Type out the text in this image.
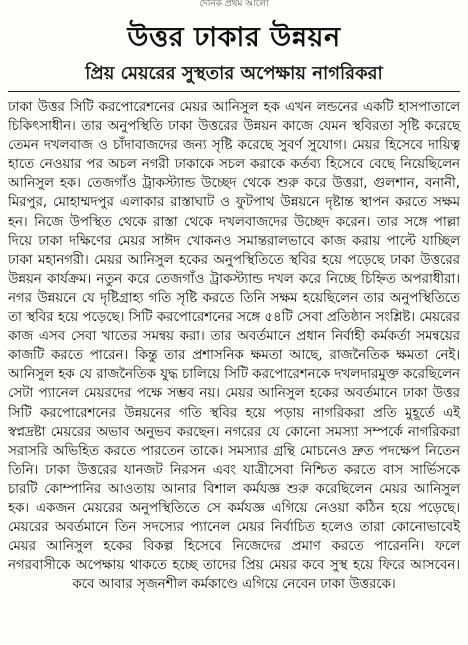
দৈনিক প্রথম আলো
উত্তর ঢাকার উন্নয়ন
প্রিয় মেয়রের সুস্থতার অপেক্ষায় নাগরিকরা

ঢাকা উত্তর সিটি করপোরেশনের মেয়র আনিসুল হক এখন লন্ডনের একটি হাসপাতালে চিকিৎসাধীন। তার অনুপস্থিতি ঢাকা উত্তরের উন্নয়ন কাজে যেমন স্থবিরতা সৃষ্টি করেছে তেমন দখলবাজ ও চাঁদাবাজদের জন্য সৃষ্টি করেছে সুবর্ণ সুযোগ। মেয়র হিসেবে দায়িত্ব হাতে নেওয়ার পর অচল নগরী ঢাকাকে সচল করাকে কর্তব্য হিসেবে বেছে নিয়েছিলেন আনিসুল হক। তেজগাঁও ট্রাকস্ট্যান্ড উচ্ছেদ থেকে শুরু করে উত্তরা, গুলশান, বনানী, মিরপুর, মোহাম্মদপুর এলাকার রাস্তাঘাট ও ফুটপাথ উন্নয়নে দৃষ্টান্ত স্থাপন করতে সক্ষম হন। নিজে উপস্থিত থেকে রাস্তা থেকে দখলবাজদের উচ্ছেদ করেন। তার সঙ্গে পাল্লা দিয়ে ঢাকা দক্ষিণের মেয়র সাঈদ খোকনও সমান্তরালভাবে কাজ করায় পাল্টে যাচ্ছিল ঢাকা মহানগরী। মেয়র আনিসুল হকের অনুপস্থিতিতে স্থবির হয়ে পড়েছে ঢাকা উত্তরের উন্নয়ন কার্যক্রম। নতুন করে তেজগাঁও ট্রাকস্ট্যান্ড দখল করে নিচ্ছে চিহ্নিত অপরাধীরা। নগর উন্নয়নে যে দৃষ্টিগ্রাহ্য গতি সৃষ্টি করতে তিনি সক্ষম হয়েছিলেন তার অনুপস্থিতিতে তা স্থবির হয়ে পড়েছে। সিটি করপোরেশনের সঙ্গে ৫৪টি সেবা প্রতিষ্ঠান সংশ্লিষ্ট। মেয়রের কাজ এসব সেবা খাতের সমন্বয় করা। তার অবর্তমানে প্রধান নির্বাহী কর্মকর্তা সমন্বয়ের কাজটি করতে পারেন। কিন্তু তার প্রশাসনিক ক্ষমতা আছে, রাজনৈতিক ক্ষমতা নেই। আনিসুল হক যে রাজনৈতিক যুদ্ধ চালিয়ে সিটি করপোরেশনকে দখলদারমুক্ত করেছিলেন সেটা প্যানেল মেয়রদের পক্ষে সম্ভব নয়। মেয়র আনিসুল হকের অবর্তমানে ঢাকা উত্তর সিটি করপোরেশনের উন্নয়নের গতি স্থবির হয়ে পড়ায় নাগরিকরা প্রতি মুহূর্তে এই স্বপ্নদ্রষ্টা মেয়রের অভাব অনুভব করছেন। নগরের যে কোনো সমস্যা সম্পর্কে নাগরিকরা সরাসরি অভিহিত করতে পারতেন তাকে। সমস্যার গ্রন্থি মোচনেও দ্রুত পদক্ষেপ নিতেন তিনি। ঢাকা উত্তরের যানজট নিরসন এবং যাত্রীসেবা নিশ্চিত করতে বাস সার্ভিসকে চারটি কোম্পানির আওতায় আনার বিশাল কর্মযজ্ঞ শুরু করেছিলেন মেয়র আনিসুল হক। একজন মেয়রের অনুপস্থিতিতে সে কর্মযজ্ঞ এগিয়ে নেওয়া কঠিন হয়ে পড়েছে। মেয়রের অবর্তমানে তিন সদস্যের প্যানেল মেয়র নির্বাচিত হলেও তারা কোনোভাবেই মেয়র আনিসুল হকের বিকল্প হিসেবে নিজেদের প্রমাণ করতে পারেননি। ফলে নগরবাসীকে অপেক্ষায় থাকতে হচ্ছে তাদের প্রিয় মেয়র কবে সুস্থ হয়ে ফিরে আসবেন। কবে আবার সৃজনশীল কর্মকাণ্ডে এগিয়ে নেবেন ঢাকা উত্তরকে।
